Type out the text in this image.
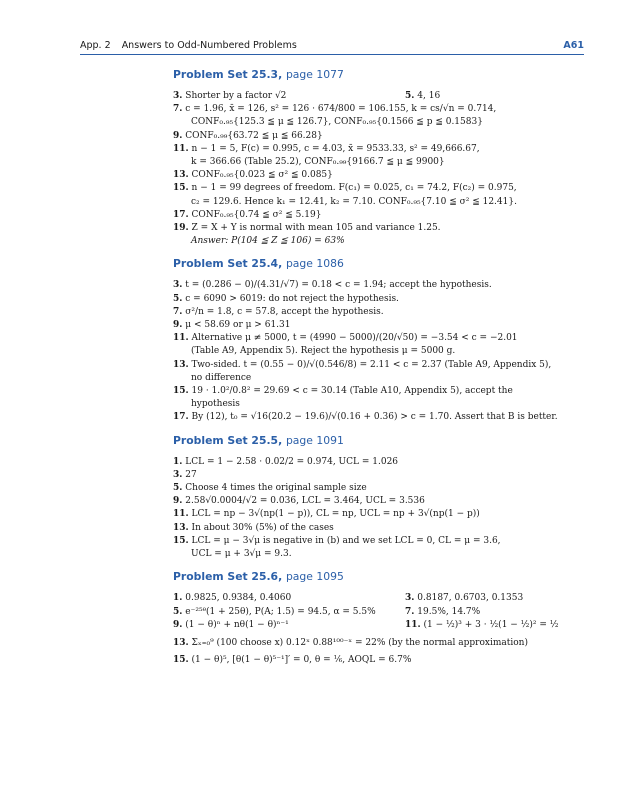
App. 2 Answers to Odd-Numbered Problems	A61
Problem Set 25.3, page 1077
3. Shorter by a factor √2	5. 4, 16
7. c = 1.96, x̄ = 126, s² = 126 · 674/800 = 106.155, k = cs/√n = 0.714,
CONF₀.₉₅{125.3 ≦ μ ≦ 126.7}, CONF₀.₉₅{0.1566 ≦ p ≦ 0.1583}
9. CONF₀.₉₉{63.72 ≦ μ ≦ 66.28}
11. n − 1 = 5, F(c) = 0.995, c = 4.03, x̄ = 9533.33, s² = 49,666.67,
k = 366.66 (Table 25.2), CONF₀.₉₉{9166.7 ≦ μ ≦ 9900}
13. CONF₀.₉₅{0.023 ≦ σ² ≦ 0.085}
15. n − 1 = 99 degrees of freedom. F(c₁) = 0.025, c₁ = 74.2, F(c₂) = 0.975,
c₂ = 129.6. Hence k₁ = 12.41, k₂ = 7.10. CONF₀.₉₅{7.10 ≦ σ² ≦ 12.41}.
17. CONF₀.₉₅{0.74 ≦ σ² ≦ 5.19}
19. Z = X + Y is normal with mean 105 and variance 1.25.
Answer: P(104 ≦ Z ≦ 106) = 63%
Problem Set 25.4, page 1086
3. t = (0.286 − 0)/(4.31/√7) = 0.18 < c = 1.94; accept the hypothesis.
5. c = 6090 > 6019: do not reject the hypothesis.
7. σ²/n = 1.8, c = 57.8, accept the hypothesis.
9. μ < 58.69 or μ > 61.31
11. Alternative μ ≠ 5000, t = (4990 − 5000)/(20/√50) = −3.54 < c = −2.01
(Table A9, Appendix 5). Reject the hypothesis μ = 5000 g.
13. Two-sided. t = (0.55 − 0)/√(0.546/8) = 2.11 < c = 2.37 (Table A9, Appendix 5),
no difference
15. 19 · 1.0²/0.8² = 29.69 < c = 30.14 (Table A10, Appendix 5), accept the
hypothesis
17. By (12), t₀ = √16(20.2 − 19.6)/√(0.16 + 0.36) > c = 1.70. Assert that B is better.
Problem Set 25.5, page 1091
1. LCL = 1 − 2.58 · 0.02/2 = 0.974, UCL = 1.026
3. 27
5. Choose 4 times the original sample size
9. 2.58√0.0004/√2 = 0.036, LCL = 3.464, UCL = 3.536
11. LCL = np − 3√(np(1 − p)), CL = np, UCL = np + 3√(np(1 − p))
13. In about 30% (5%) of the cases
15. LCL = μ − 3√μ is negative in (b) and we set LCL = 0, CL = μ = 3.6,
UCL = μ + 3√μ = 9.3.
Problem Set 25.6, page 1095
1. 0.9825, 0.9384, 0.4060	3. 0.8187, 0.6703, 0.1353
5. e⁻²⁵ᶿ(1 + 25θ), P(A; 1.5) = 94.5, α = 5.5%	7. 19.5%, 14.7%
9. (1 − θ)ⁿ + nθ(1 − θ)ⁿ⁻¹	11. (1 − ½)³ + 3 · ½(1 − ½)² = ½
13. Σₓ₌₀⁹ (100 choose x) 0.12ˣ 0.88¹⁰⁰⁻ˣ = 22% (by the normal approximation)
15. (1 − θ)⁵, [θ(1 − θ)⁵⁻¹]′ = 0, θ = ⅙, AOQL = 6.7%
